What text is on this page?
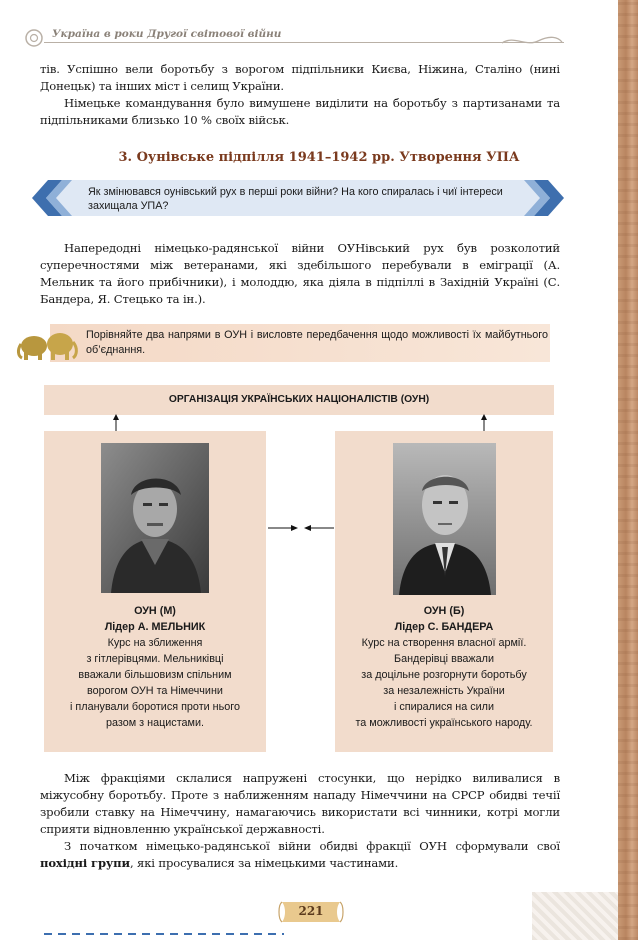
Україна в роки Другої світової війни
тів. Успішно вели боротьбу з ворогом підпільники Києва, Ніжина, Сталіно (нині Донецьк) та інших міст і селищ України.
Німецьке командування було вимушене виділити на боротьбу з партизанами та підпільниками близько 10 % своїх військ.
3. Оунівське підпілля 1941–1942 рр. Утворення УПА
Як змінювався оунівський рух в перші роки війни? На кого спиралась і чиї інтереси захищала УПА?
Напередодні німецько-радянської війни ОУНівський рух був розколотий суперечностями між ветеранами, які здебільшого перебували в еміграції (А. Мельник та його прибічники), і молоддю, яка діяла в підпіллі в Західній Україні (С. Бандера, Я. Стецько та ін.).
Порівняйте два напрями в ОУН і висловте передбачення щодо можливості їх майбутнього об’єднання.
ОРГАНІЗАЦІЯ УКРАЇНСЬКИХ НАЦІОНАЛІСТІВ (ОУН)
ОУН (М)
Лідер А. МЕЛЬНИК
Курс на зближення
з гітлерівцями. Мельниківці
вважали більшовизм спільним
ворогом ОУН та Німеччини
і планували боротися проти нього
разом з нацистами.
ОУН (Б)
Лідер С. БАНДЕРА
Курс на створення власної армії.
Бандерівці вважали
за доцільне розгорнути боротьбу
за незалежність України
і спиралися на сили
та можливості українського народу.
Між фракціями склалися напружені стосунки, що нерідко виливалися в міжусобну боротьбу. Проте з наближенням нападу Німеччини на СРСР обидві течії зробили ставку на Німеччину, намагаючись використати всі чинники, котрі могли сприяти відновленню української державності.
З початком німецько-радянської війни обидві фракції ОУН сформували свої похідні групи, які просувалися за німецькими частинами.
221
